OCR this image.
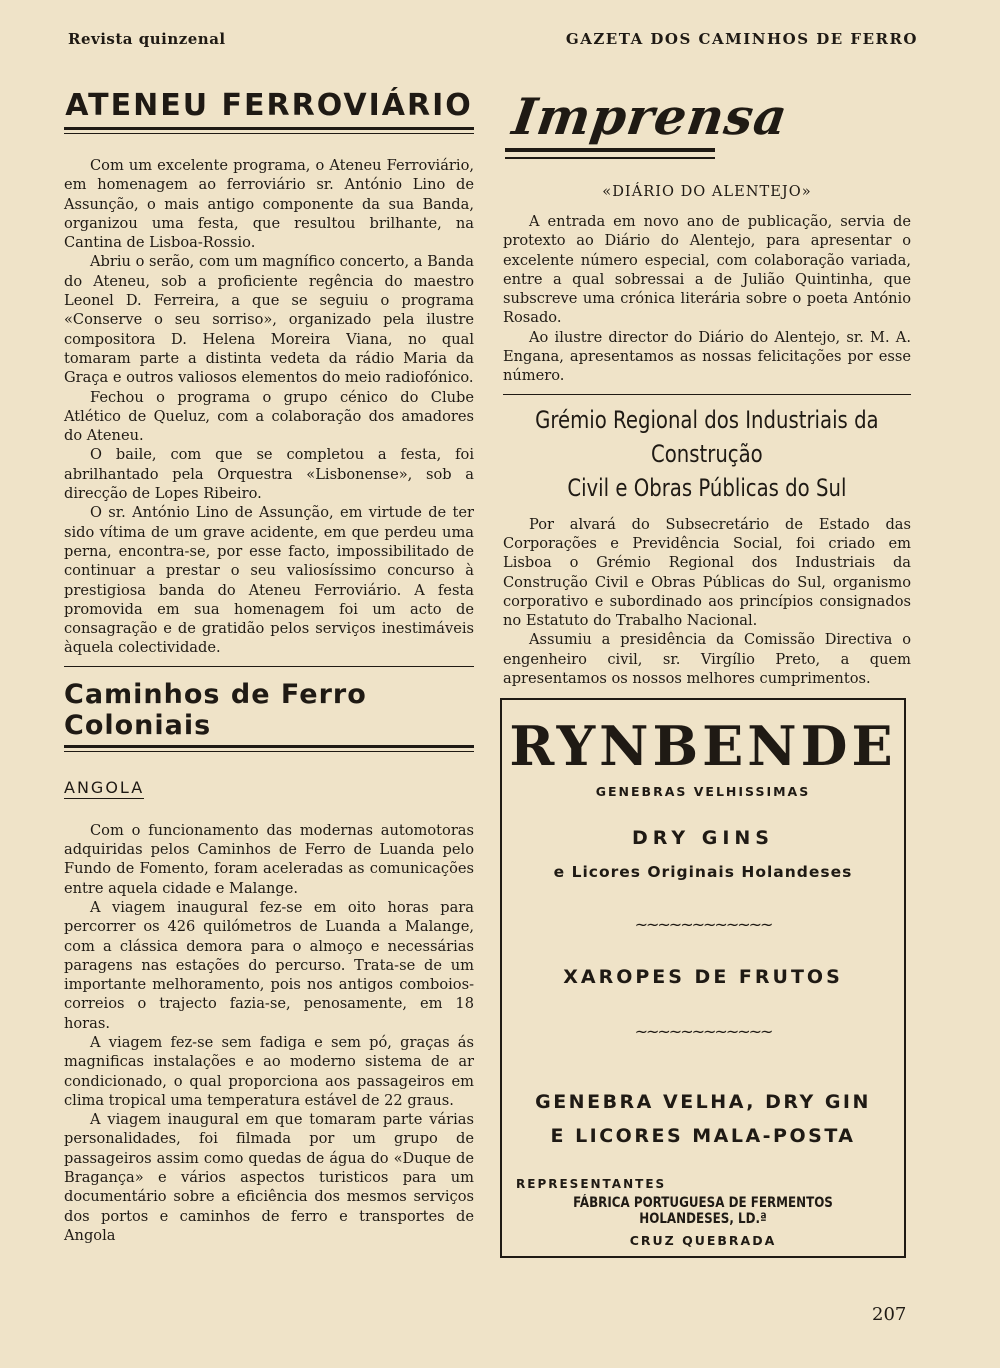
Revista quinzenal	GAZETA DOS CAMINHOS DE FERRO
ATENEU FERROVIÁRIO

Com um excelente programa, o Ateneu Ferroviário, em homenagem ao ferroviário sr. António Lino de Assunção, o mais antigo componente da sua Banda, organizou uma festa, que resultou brilhante, na Cantina de Lisboa-Rossio.

Abriu o serão, com um magnífico concerto, a Banda do Ateneu, sob a proficiente regência do maestro Leonel D. Ferreira, a que se seguiu o programa «Conserve o seu sorriso», organizado pela ilustre compositora D. Helena Moreira Viana, no qual tomaram parte a distinta vedeta da rádio Maria da Graça e outros valiosos elementos do meio radiofónico.

Fechou o programa o grupo cénico do Clube Atlético de Queluz, com a colaboração dos amadores do Ateneu.

O baile, com que se completou a festa, foi abrilhantado pela Orquestra «Lisbonense», sob a direcção de Lopes Ribeiro.

O sr. António Lino de Assunção, em virtude de ter sido vítima de um grave acidente, em que perdeu uma perna, encontra-se, por esse facto, impossibilitado de continuar a prestar o seu valiosíssimo concurso à prestigiosa banda do Ateneu Ferroviário. A festa promovida em sua homenagem foi um acto de consagração e de gratidão pelos serviços inestimáveis àquela colectividade.

Caminhos de Ferro Coloniais
ANGOLA

Com o funcionamento das modernas automotoras adquiridas pelos Caminhos de Ferro de Luanda pelo Fundo de Fomento, foram aceleradas as comunicações entre aquela cidade e Malange.

A viagem inaugural fez-se em oito horas para percorrer os 426 quilómetros de Luanda a Malange, com a clássica demora para o almoço e necessárias paragens nas estações do percurso. Trata-se de um importante melhoramento, pois nos antigos comboios-correios o trajecto fazia-se, penosamente, em 18 horas.

A viagem fez-se sem fadiga e sem pó, graças ás magnificas instalações e ao moderno sistema de ar condicionado, o qual proporciona aos passageiros em clima tropical uma temperatura estável de 22 graus.

A viagem inaugural em que tomaram parte várias personalidades, foi filmada por um grupo de passageiros assim como quedas de água do «Duque de Bragança» e vários aspectos turisticos para um documentário sobre a eficiência dos mesmos serviços dos portos e caminhos de ferro e transportes de Angola

Imprensa
«DIÁRIO DO ALENTEJO»

A entrada em novo ano de publicação, servia de protexto ao Diário do Alentejo, para apresentar o excelente número especial, com colaboração variada, entre a qual sobressai a de Julião Quintinha, que subscreve uma crónica literária sobre o poeta António Rosado.

Ao ilustre director do Diário do Alentejo, sr. M. A. Engana, apresentamos as nossas felicitações por esse número.

Grémio Regional dos Industriais da Construção
Civil e Obras Públicas do Sul

Por alvará do Subsecretário de Estado das Corporações e Previdência Social, foi criado em Lisboa o Grémio Regional dos Industriais da Construção Civil e Obras Públicas do Sul, organismo corporativo e subordinado aos princípios consignados no Estatuto do Trabalho Nacional.

Assumiu a presidência da Comissão Directiva o engenheiro civil, sr. Virgílio Preto, a quem apresentamos os nossos melhores cumprimentos.

RYNBENDE
GENEBRAS VELHISSIMAS
DRY GINS
e Licores Originais Holandeses
~~~~~~~~~~~~
XAROPES DE FRUTOS
~~~~~~~~~~~~
GENEBRA VELHA, DRY GIN
E LICORES MALA-POSTA
REPRESENTANTES
FÁBRICA PORTUGUESA DE FERMENTOS HOLANDESES, LD.ª
CRUZ QUEBRADA
207
